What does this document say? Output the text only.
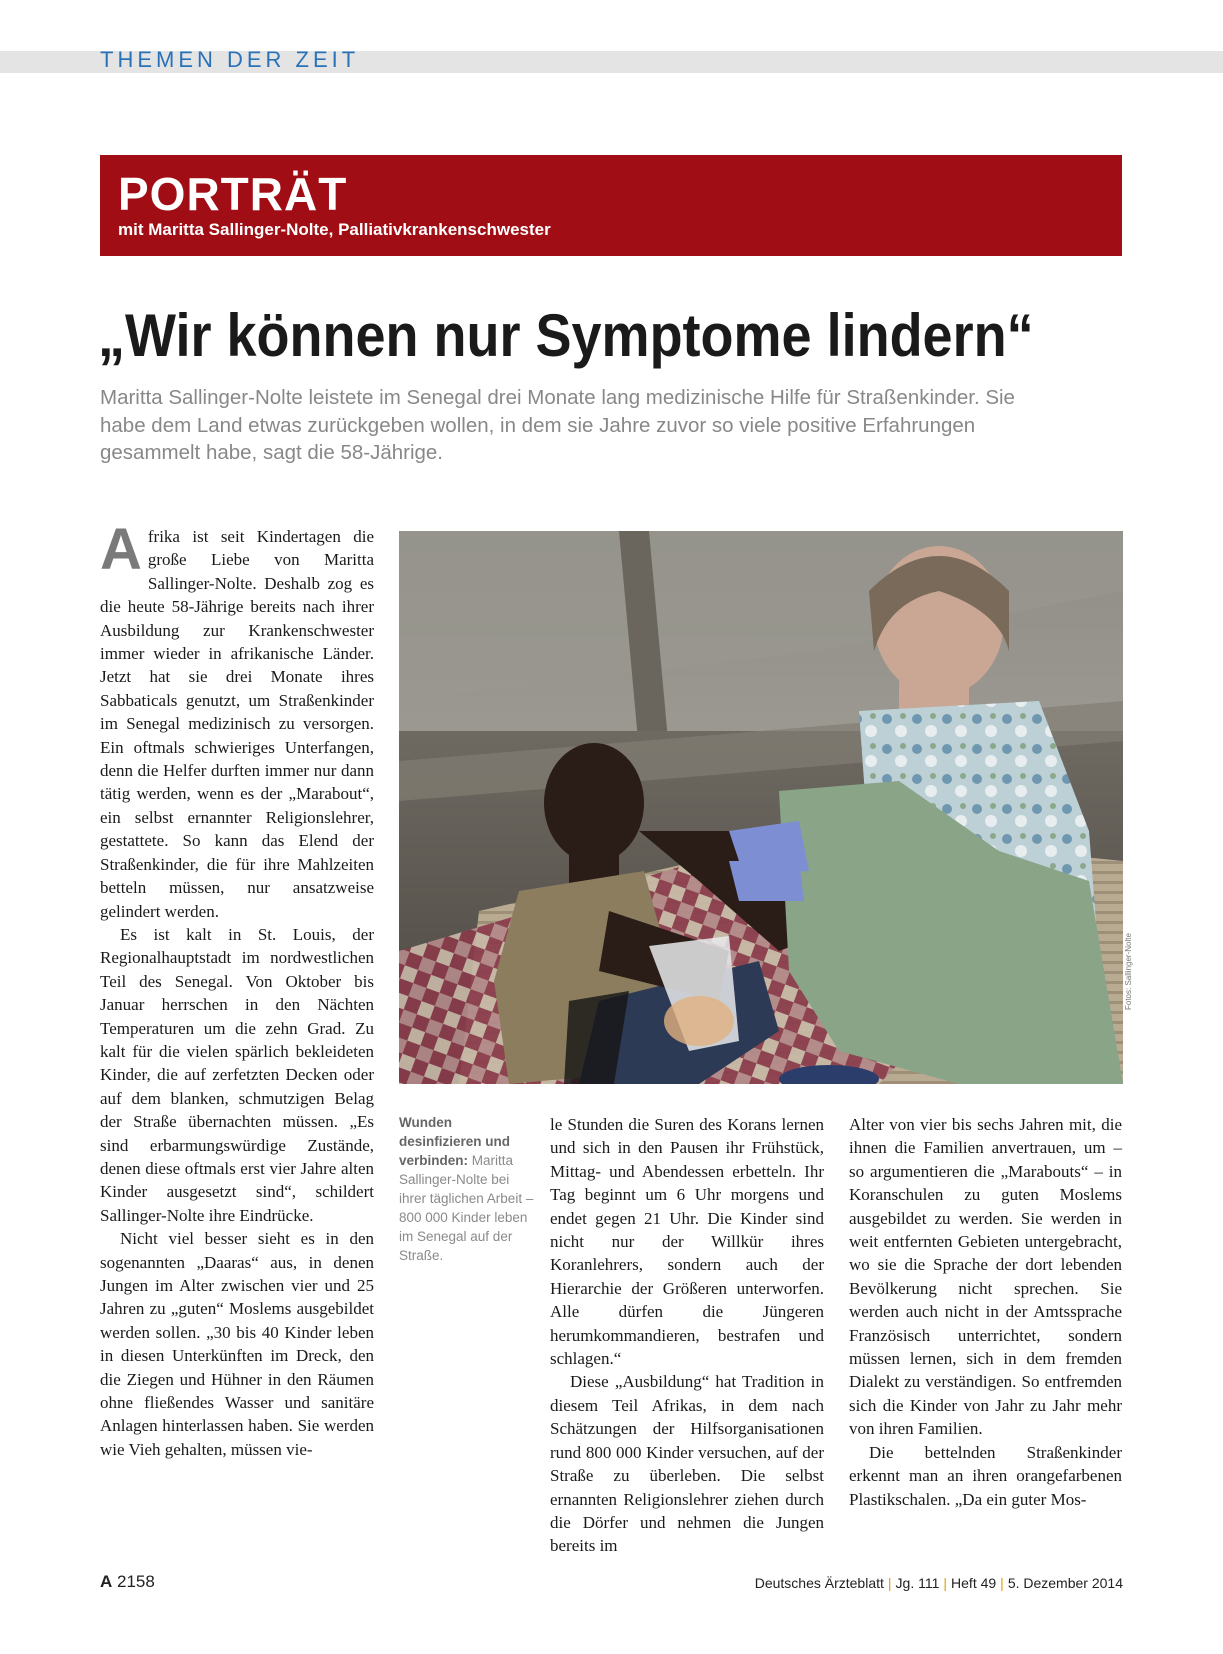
THEMEN DER ZEIT
PORTRÄT
mit Maritta Sallinger-Nolte, Palliativkrankenschwester
„Wir können nur Symptome lindern“
Maritta Sallinger-Nolte leistete im Senegal drei Monate lang medizinische Hilfe für Straßenkinder. Sie habe dem Land etwas zurückgeben wollen, in dem sie Jahre zuvor so viele positive Erfahrungen gesammelt habe, sagt die 58-Jährige.

Afrika ist seit Kindertagen die große Liebe von Maritta Sallinger-Nolte. Deshalb zog es die heute 58-Jährige bereits nach ihrer Ausbildung zur Krankenschwester immer wieder in afrikanische Länder. Jetzt hat sie drei Monate ihres Sabbaticals genutzt, um Straßenkinder im Senegal medizinisch zu versorgen. Ein oftmals schwieriges Unterfangen, denn die Helfer durften immer nur dann tätig werden, wenn es der „Marabout“, ein selbst ernannter Religionslehrer, gestattete. So kann das Elend der Straßenkinder, die für ihre Mahlzeiten betteln müssen, nur ansatzweise gelindert werden.

Es ist kalt in St. Louis, der Regionalhauptstadt im nordwestlichen Teil des Senegal. Von Oktober bis Januar herrschen in den Nächten Temperaturen um die zehn Grad. Zu kalt für die vielen spärlich bekleideten Kinder, die auf zerfetzten Decken oder auf dem blanken, schmutzigen Belag der Straße übernachten müssen. „Es sind erbarmungswürdige Zustände, denen diese oftmals erst vier Jahre alten Kinder ausgesetzt sind“, schildert Sallinger-Nolte ihre Eindrücke.

Nicht viel besser sieht es in den sogenannten „Daaras“ aus, in denen Jungen im Alter zwischen vier und 25 Jahren zu „guten“ Moslems ausgebildet werden sollen. „30 bis 40 Kinder leben in diesen Unterkünften im Dreck, den die Ziegen und Hühner in den Räumen ohne fließendes Wasser und sanitäre Anlagen hinterlassen haben. Sie werden wie Vieh gehalten, müssen vie-

Fotos: Sallinger-Nolte
Wunden desinfizieren und verbinden: Maritta Sallinger-Nolte bei ihrer täglichen Arbeit – 800 000 Kinder leben im Senegal auf der Straße.

le Stunden die Suren des Korans lernen und sich in den Pausen ihr Frühstück, Mittag- und Abendessen erbetteln. Ihr Tag beginnt um 6 Uhr morgens und endet gegen 21 Uhr. Die Kinder sind nicht nur der Willkür ihres Koranlehrers, sondern auch der Hierarchie der Größeren unterworfen. Alle dürfen die Jüngeren herumkommandieren, bestrafen und schlagen.“

Diese „Ausbildung“ hat Tradition in diesem Teil Afrikas, in dem nach Schätzungen der Hilfsorganisationen rund 800 000 Kinder versuchen, auf der Straße zu überleben. Die selbst ernannten Religionslehrer ziehen durch die Dörfer und nehmen die Jungen bereits im

Alter von vier bis sechs Jahren mit, die ihnen die Familien anvertrauen, um – so argumentieren die „Marabouts“ – in Koranschulen zu guten Moslems ausgebildet zu werden. Sie werden in weit entfernten Gebieten untergebracht, wo sie die Sprache der dort lebenden Bevölkerung nicht sprechen. Sie werden auch nicht in der Amtssprache Französisch unterrichtet, sondern müssen lernen, sich in dem fremden Dialekt zu verständigen. So entfremden sich die Kinder von Jahr zu Jahr mehr von ihren Familien.

Die bettelnden Straßenkinder erkennt man an ihren orangefarbenen Plastikschalen. „Da ein guter Mos-

A 2158	Deutsches Ärzteblatt | Jg. 111 | Heft 49 | 5. Dezember 2014
